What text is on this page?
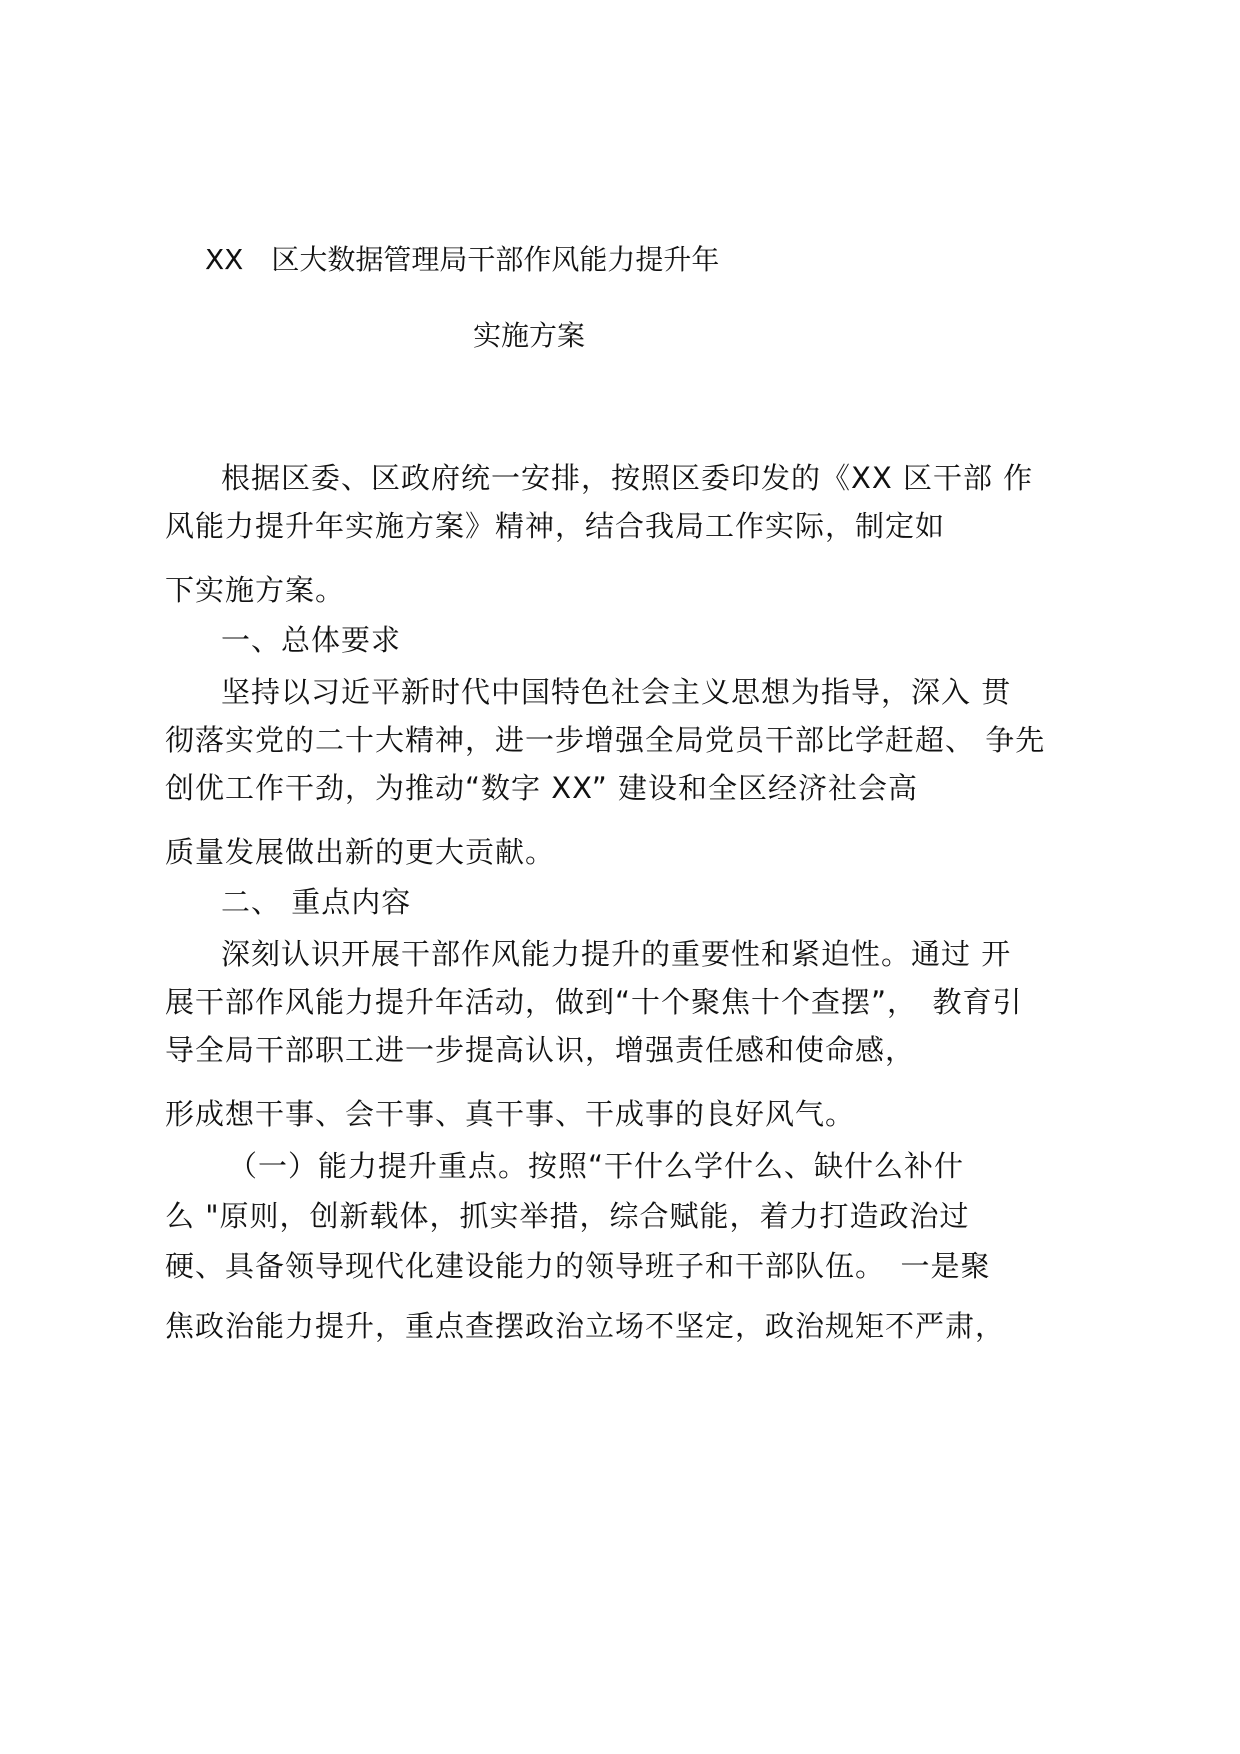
XX　区大数据管理局干部作风能力提升年
实施方案
根据区委、区政府统一安排，按照区委印发的《XX 区干部 作
风能力提升年实施方案》精神，结合我局工作实际，制定如
下实施方案。
一、总体要求
坚持以习近平新时代中国特色社会主义思想为指导，深入 贯
彻落实党的二十大精神，进一步增强全局党员干部比学赶超、 争先
创优工作干劲，为推动“数字 XX” 建设和全区经济社会高
质量发展做出新的更大贡献。
二、 重点内容
深刻认识开展干部作风能力提升的重要性和紧迫性。通过 开
展干部作风能力提升年活动，做到“十个聚焦十个查摆”，　教育引
导全局干部职工进一步提高认识，增强责任感和使命感，
形成想干事、会干事、真干事、干成事的良好风气。
（一）能力提升重点。按照“干什么学什么、缺什么补什
么 "原则，创新载体，抓实举措，综合赋能，着力打造政治过
硬、具备领导现代化建设能力的领导班子和干部队伍。　一是聚
焦政治能力提升，重点查摆政治立场不坚定，政治规矩不严肃，
